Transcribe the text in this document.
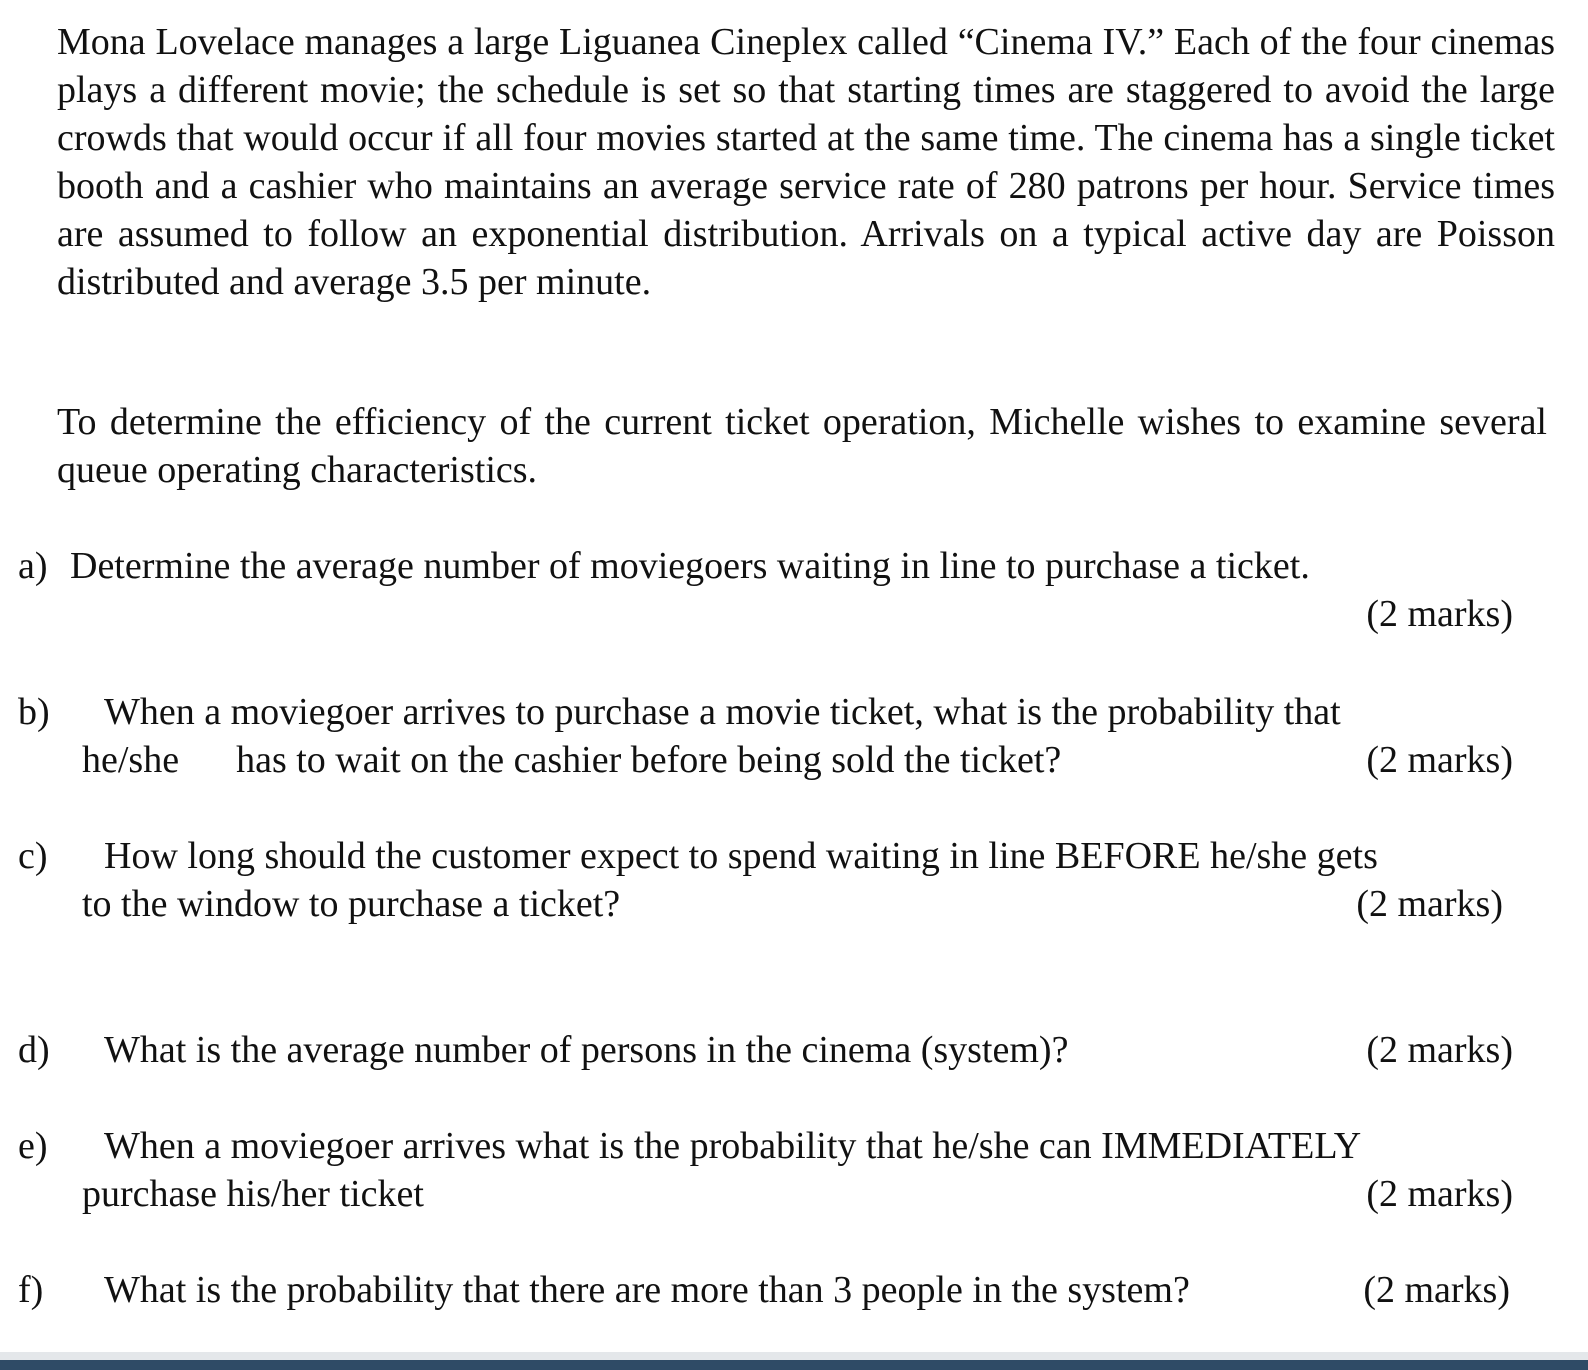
Mona Lovelace manages a large Liguanea Cineplex called “Cinema IV.” Each of the four cinemas plays a different movie; the schedule is set so that starting times are staggered to avoid the large crowds that would occur if all four movies started at the same time. The cinema has a single ticket booth and a cashier who maintains an average service rate of 280 patrons per hour. Service times are assumed to follow an exponential distribution. Arrivals on a typical active day are Poisson distributed and average 3.5 per minute.

To determine the efficiency of the current ticket operation, Michelle wishes to examine several queue operating characteristics.

a) Determine the average number of moviegoers waiting in line to purchase a ticket.
(2 marks)
b) When a moviegoer arrives to purchase a movie ticket, what is the probability that
he/she      has to wait on the cashier before being sold the ticket?	(2 marks)
c) How long should the customer expect to spend waiting in line BEFORE he/she gets
to the window to purchase a ticket?	(2 marks)
d) What is the average number of persons in the cinema (system)?	(2 marks)
e) When a moviegoer arrives what is the probability that he/she can IMMEDIATELY
purchase his/her ticket	(2 marks)
f) What is the probability that there are more than 3 people in the system?	(2 marks)
